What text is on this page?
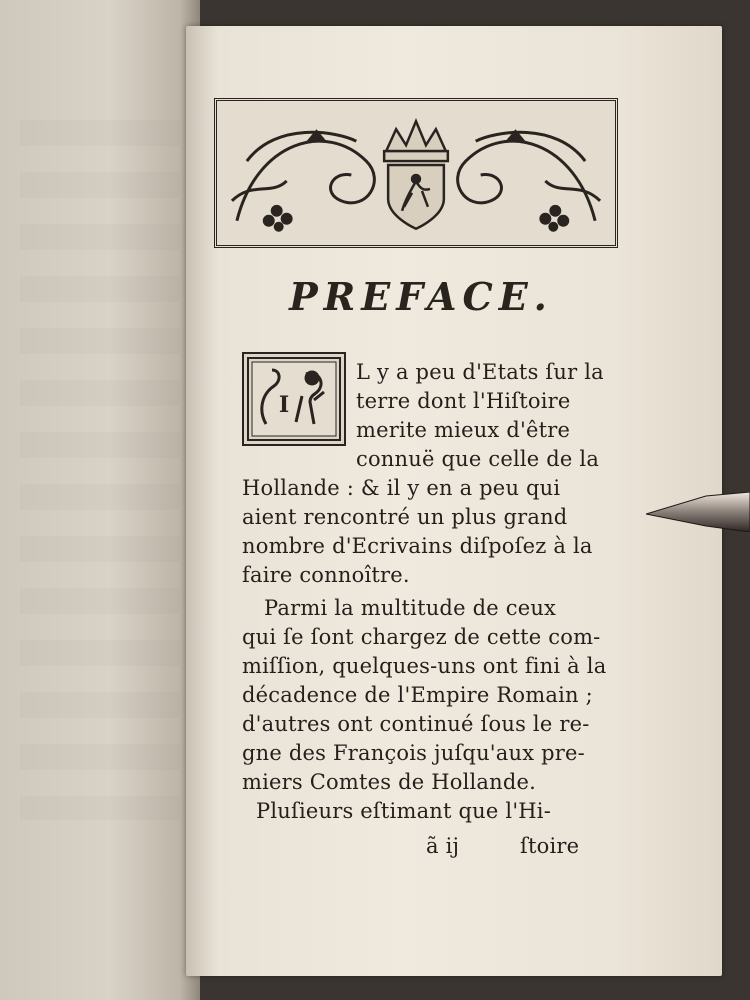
PREFACE.
I
L y a peu d'Etats ſur la
terre dont l'Hiſtoire
merite mieux d'être
connuë que celle de la
Hollande : & il y en a peu qui
aient rencontré un plus grand
nombre d'Ecrivains diſpoſez à la
faire connoître.
Parmi la multitude de ceux
qui ſe ſont chargez de cette com-
miſſion, quelques-uns ont fini à la
décadence de l'Empire Romain ;
d'autres ont continué ſous le re-
gne des François juſqu'aux pre-
miers Comtes de Hollande.
Pluſieurs eſtimant que l'Hi-
ã ij	ſtoire
